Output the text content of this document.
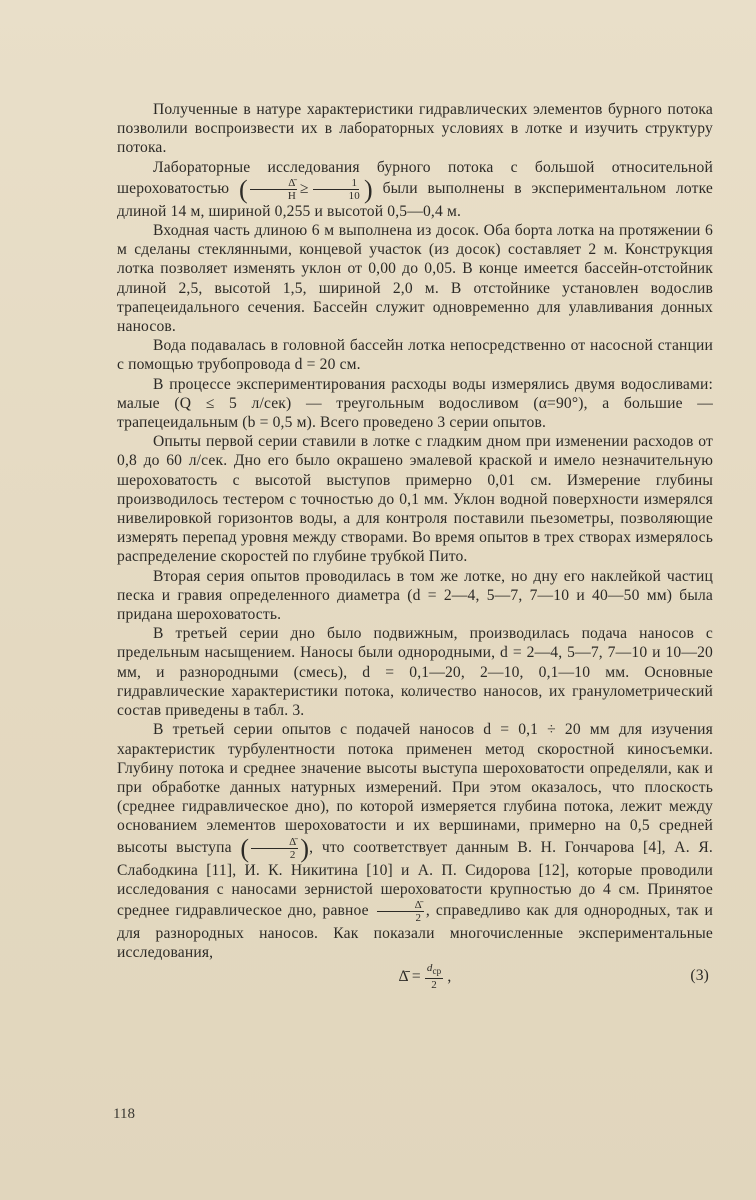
Полученные в натуре характеристики гидравлических элементов бурного потока позволили воспроизвести их в лабораторных условиях в лотке и изучить структуру потока.

Лабораторные исследования бурного потока с большой относительной шероховатостью ( $\frac{\Deltā}{H} \ge \frac{1}{10}$ ) были выполнены в экспериментальном лотке длиной 14 м, шириной 0,255 и высотой 0,5—0,4 м.

Входная часть длиною 6 м выполнена из досок. Оба борта лотка на протяжении 6 м сделаны стеклянными, концевой участок (из досок) составляет 2 м. Конструкция лотка позволяет изменять уклон от 0,00 до 0,05. В конце имеется бассейн-отстойник длиной 2,5, высотой 1,5, шириной 2,0 м. В отстойнике установлен водослив трапецеидального сечения. Бассейн служит одновременно для улавливания донных наносов.

Вода подавалась в головной бассейн лотка непосредственно от насосной станции с помощью трубопровода d = 20 см.

В процессе экспериментирования расходы воды измерялись двумя водосливами: малые (Q ≤ 5 л/сек) — треугольным водосливом (α=90°), а большие — трапецеидальным (b = 0,5 м). Всего проведено 3 серии опытов.

Опыты первой серии ставили в лотке с гладким дном при изменении расходов от 0,8 до 60 л/сек. Дно его было окрашено эмалевой краской и имело незначительную шероховатость с высотой выступов примерно 0,01 см. Измерение глубины производилось тестером с точностью до 0,1 мм. Уклон водной поверхности измерялся нивелировкой горизонтов воды, а для контроля поставили пьезометры, позволяющие измерять перепад уровня между створами. Во время опытов в трех створах измерялось распределение скоростей по глубине трубкой Пито.

Вторая серия опытов проводилась в том же лотке, но дну его наклейкой частиц песка и гравия определенного диаметра (d = 2—4, 5—7, 7—10 и 40—50 мм) была придана шероховатость.

В третьей серии дно было подвижным, производилась подача наносов с предельным насыщением. Наносы были однородными, d = 2—4, 5—7, 7—10 и 10—20 мм, и разнородными (смесь), d = 0,1—20, 2—10, 0,1—10 мм. Основные гидравлические характеристики потока, количество наносов, их гранулометрический состав приведены в табл. 3.

В третьей серии опытов с подачей наносов d = 0,1 ÷ 20 мм для изучения характеристик турбулентности потока применен метод скоростной киносъемки. Глубину потока и среднее значение высоты выступа шероховатости определяли, как и при обработке данных натурных измерений. При этом оказалось, что плоскость (среднее гидравлическое дно), по которой измеряется глубина потока, лежит между основанием элементов шероховатости и их вершинами, примерно на 0,5 средней высоты выступа ( $\frac{\Deltā}{2}$ ), что соответствует данным В. Н. Гончарова [4], А. Я. Слабодкина [11], И. К. Никитина [10] и А. П. Сидорова [12], которые проводили исследования с наносами зернистой шероховатости крупностью до 4 см. Принятое среднее гидравлическое дно, равное $\frac{\Deltā}{2}$ , справедливо как для однородных, так и для разнородных наносов. Как показали многочисленные экспериментальные исследования,

Δ̄ = $\frac{d_{ср}}{2}$ ,	(3)
118
